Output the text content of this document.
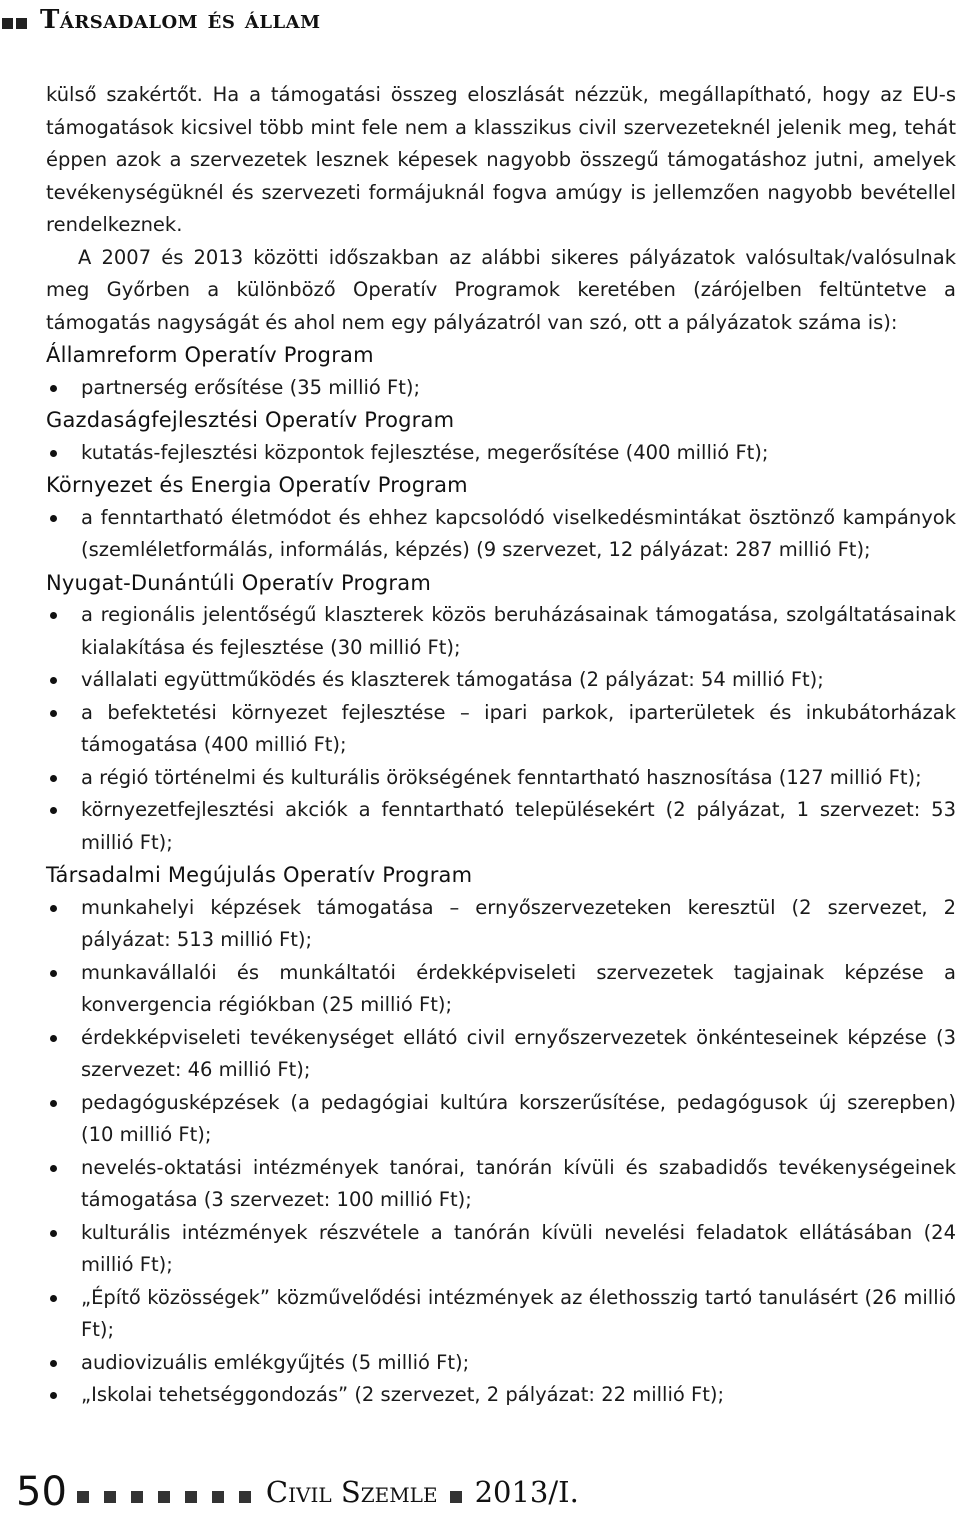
Társadalom és állam

külső szakértőt. Ha a támogatási összeg eloszlását nézzük, megállapítható, hogy az EU-s támogatások kicsivel több mint fele nem a klasszikus civil szervezeteknél jelenik meg, tehát éppen azok a szervezetek lesznek képesek nagyobb összegű támogatáshoz jutni, amelyek tevékenységüknél és szervezeti formájuknál fogva amúgy is jellemzően nagyobb bevétellel rendelkeznek.

A 2007 és 2013 közötti időszakban az alábbi sikeres pályázatok valósultak/valósulnak meg Győrben a különböző Operatív Programok keretében (zárójelben feltüntetve a támogatás nagyságát és ahol nem egy pályázatról van szó, ott a pályázatok száma is):

Államreform Operatív Program
partnerség erősítése (35 millió Ft);
Gazdaságfejlesztési Operatív Program
kutatás-fejlesztési központok fejlesztése, megerősítése (400 millió Ft);
Környezet és Energia Operatív Program
a fenntartható életmódot és ehhez kapcsolódó viselkedésmintákat ösztönző kampányok (szemléletformálás, informálás, képzés) (9 szervezet, 12 pályázat: 287 millió Ft);
Nyugat-Dunántúli Operatív Program
a regionális jelentőségű klaszterek közös beruházásainak támogatása, szolgáltatásainak kialakítása és fejlesztése (30 millió Ft);
vállalati együttműködés és klaszterek támogatása (2 pályázat: 54 millió Ft);
a befektetési környezet fejlesztése – ipari parkok, iparterületek és inkubátorházak támogatása (400 millió Ft);
a régió történelmi és kulturális örökségének fenntartható hasznosítása (127 millió Ft);
környezetfejlesztési akciók a fenntartható településekért (2 pályázat, 1 szervezet: 53 millió Ft);
Társadalmi Megújulás Operatív Program
munkahelyi képzések támogatása – ernyőszervezeteken keresztül (2 szervezet, 2 pályázat: 513 millió Ft);
munkavállalói és munkáltatói érdekképviseleti szervezetek tagjainak képzése a konvergencia régiókban (25 millió Ft);
érdekképviseleti tevékenységet ellátó civil ernyőszervezetek önkénteseinek képzése (3 szervezet: 46 millió Ft);
pedagógusképzések (a pedagógiai kultúra korszerűsítése, pedagógusok új szerepben) (10 millió Ft);
nevelés-oktatási intézmények tanórai, tanórán kívüli és szabadidős tevékenységeinek támogatása (3 szervezet: 100 millió Ft);
kulturális intézmények részvétele a tanórán kívüli nevelési feladatok ellátásában (24 millió Ft);
„Építő közösségek” közművelődési intézmények az élethosszig tartó tanulásért (26 millió Ft);
audiovizuális emlékgyűjtés (5 millió Ft);
„Iskolai tehetséggondozás” (2 szervezet, 2 pályázat: 22 millió Ft);
50	Civil Szemle 2013/I.
